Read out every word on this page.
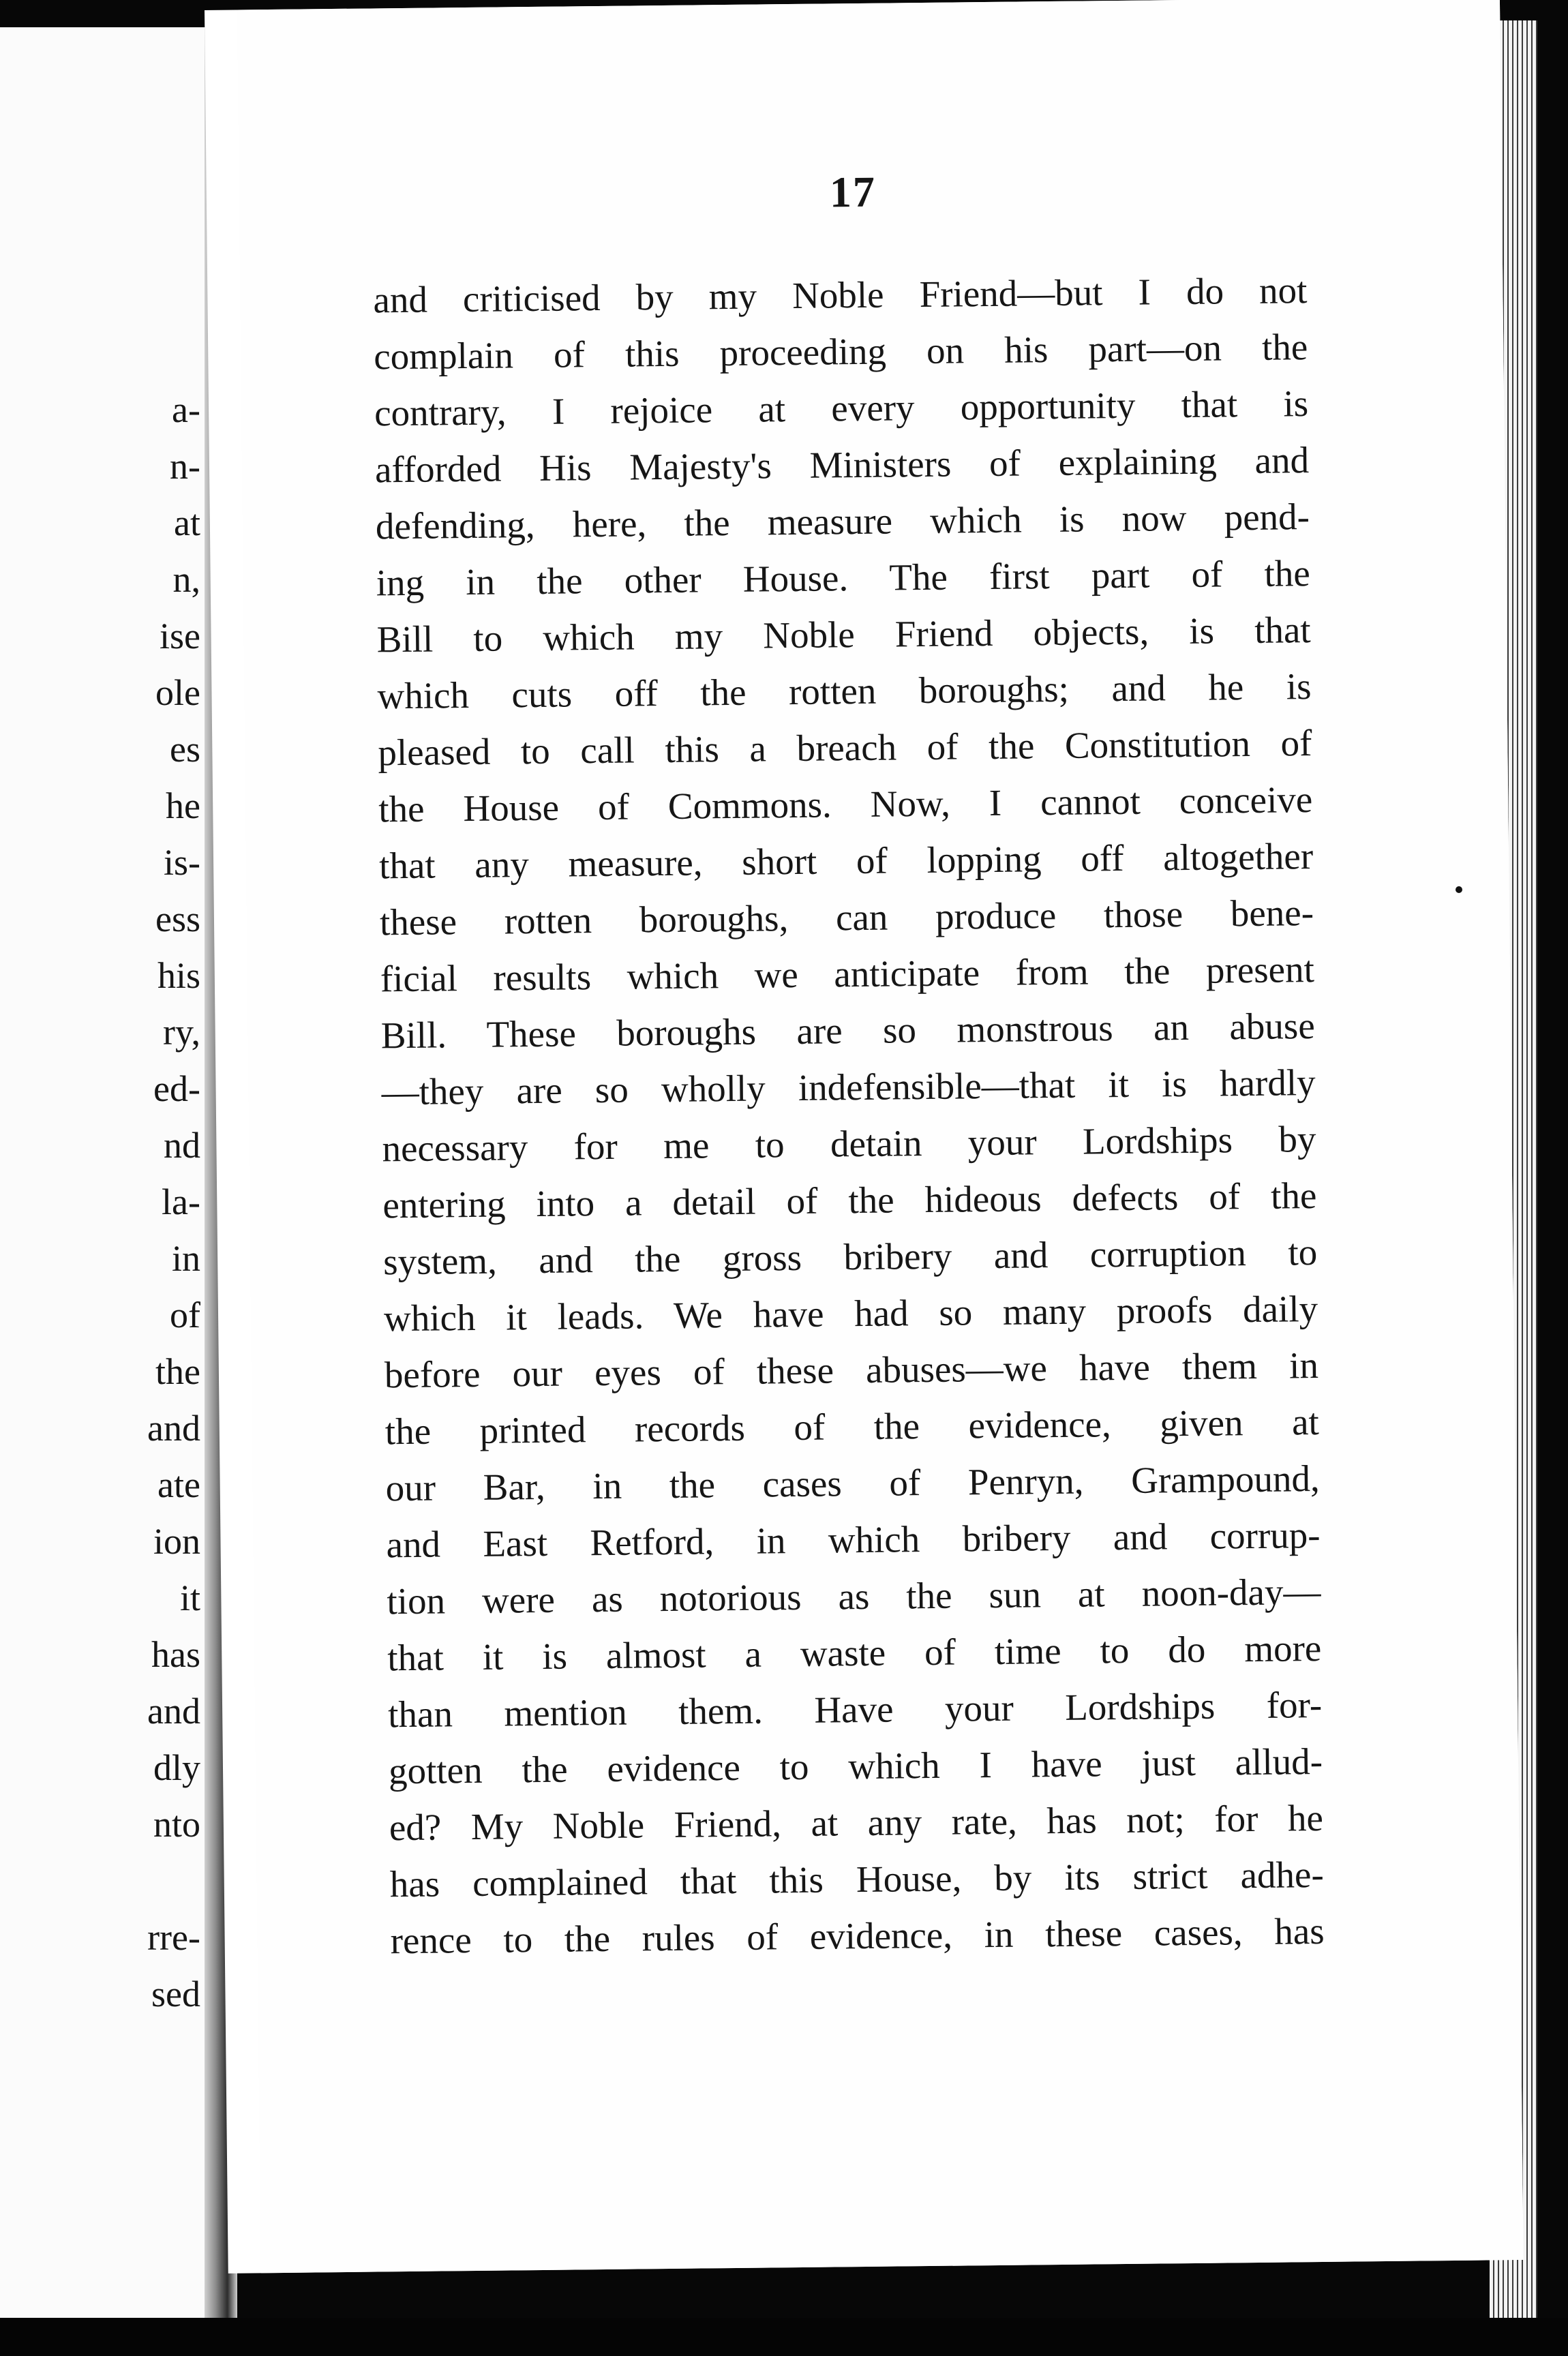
a-
n-
at
n,
ise
ole
es
he
is-
ess
his
ry,
ed-
nd
la-
in
of
the
and
ate
ion
it
has
and
dly
nto
rre-
sed
17
and criticised by my Noble Friend—but I do not
complain of this proceeding on his part—on the
contrary, I rejoice at every opportunity that is
afforded His Majesty's Ministers of explaining and
defending, here, the measure which is now pend-
ing in the other House. The first part of the
Bill to which my Noble Friend objects, is that
which cuts off the rotten boroughs; and he is
pleased to call this a breach of the Constitution of
the House of Commons. Now, I cannot conceive
that any measure, short of lopping off altogether
these rotten boroughs, can produce those bene-
ficial results which we anticipate from the present
Bill. These boroughs are so monstrous an abuse
—they are so wholly indefensible—that it is hardly
necessary for me to detain your Lordships by
entering into a detail of the hideous defects of the
system, and the gross bribery and corruption to
which it leads. We have had so many proofs daily
before our eyes of these abuses—we have them in
the printed records of the evidence, given at
our Bar, in the cases of Penryn, Grampound,
and East Retford, in which bribery and corrup-
tion were as notorious as the sun at noon-day—
that it is almost a waste of time to do more
than mention them. Have your Lordships for-
gotten the evidence to which I have just allud-
ed? My Noble Friend, at any rate, has not; for he
has complained that this House, by its strict adhe-
rence to the rules of evidence, in these cases, has
